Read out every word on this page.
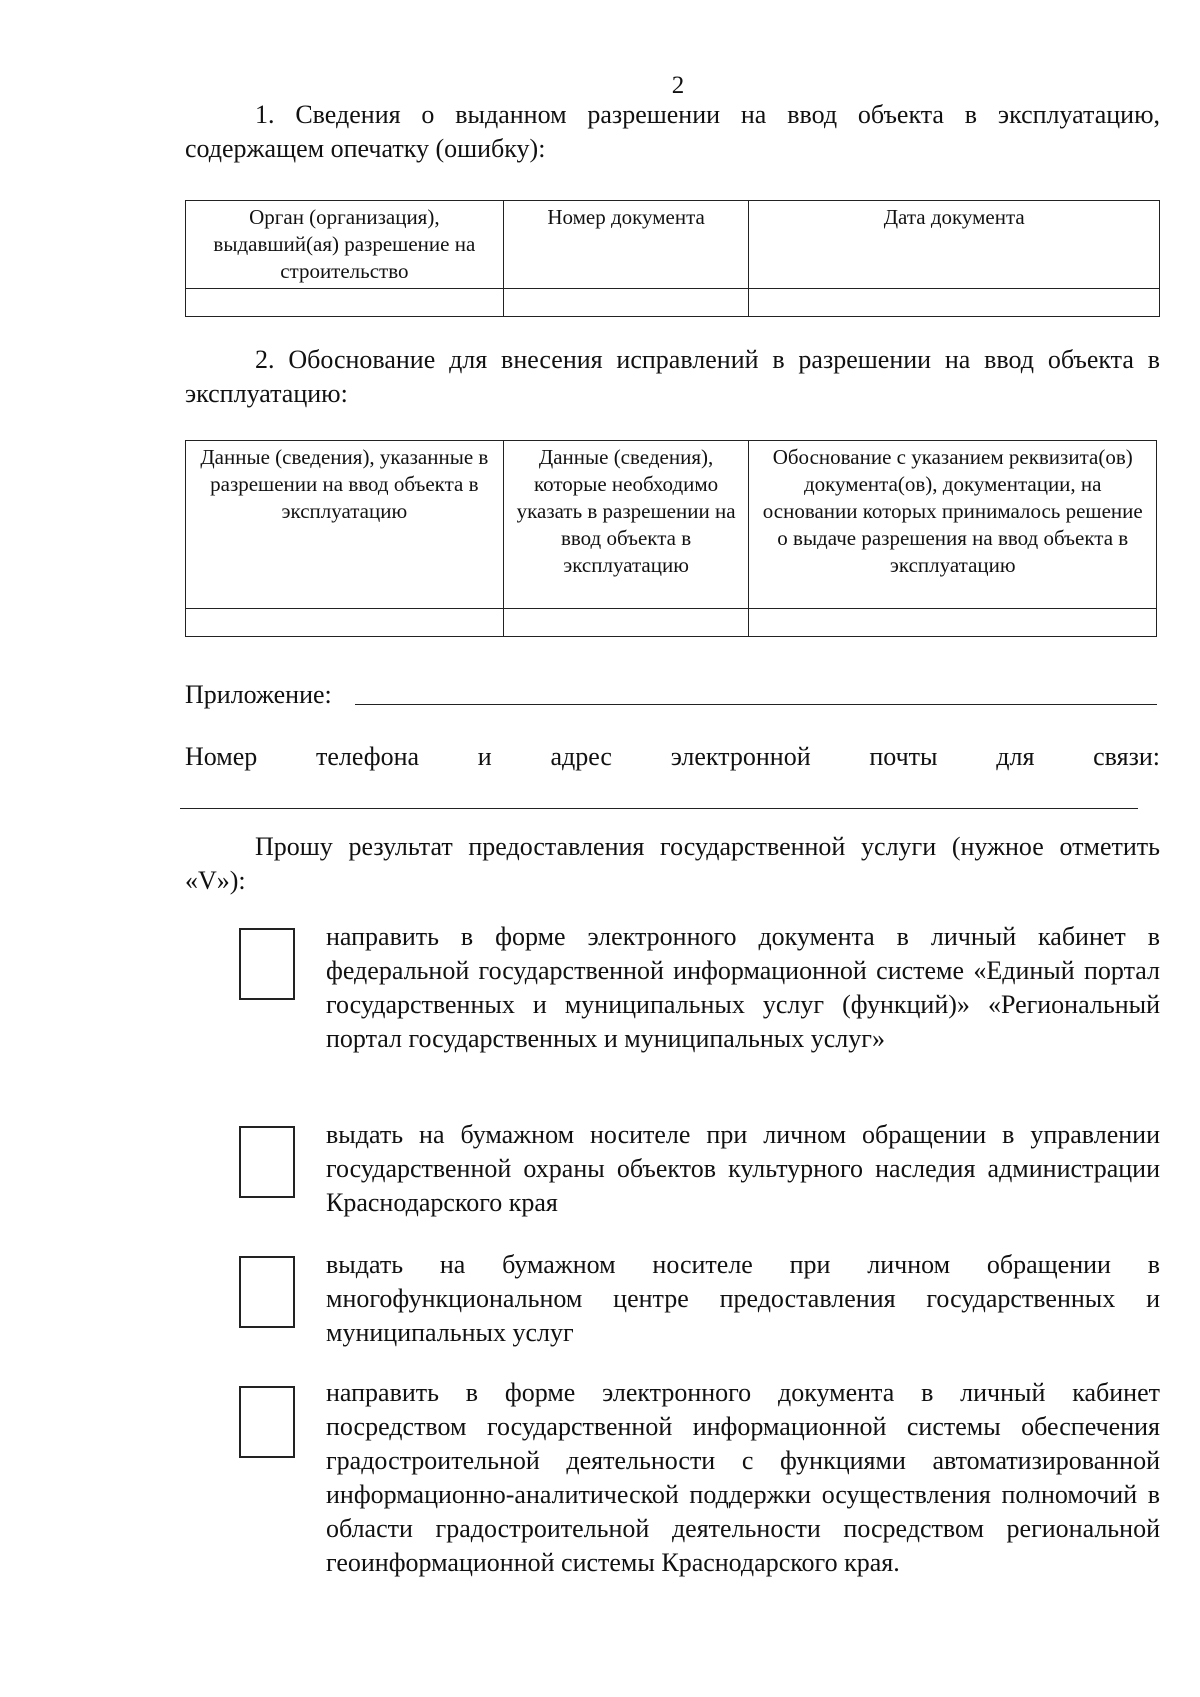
2
1. Сведения о выданном разрешении на ввод объекта в эксплуатацию, содержащем опечатку (ошибку):
Орган (организация), выдавший(ая) разрешение на строительство	Номер документа	Дата документа

2. Обоснование для внесения исправлений в разрешении на ввод объекта в эксплуатацию:
Данные (сведения), указанные в разрешении на ввод объекта в эксплуатацию	Данные (сведения), которые необходимо указать в разрешении на ввод объекта в эксплуатацию	Обоснование с указанием реквизита(ов) документа(ов), документации, на основании которых принималось решение о выдаче разрешения на ввод объекта в эксплуатацию

Приложение:
Номер телефона и адрес электронной почты для связи:
Прошу результат предоставления государственной услуги (нужное отметить «V»):
направить в форме электронного документа в личный кабинет в федеральной государственной информационной системе «Единый портал государственных и муниципальных услуг (функций)» «Региональный портал государственных и муниципальных услуг»
выдать на бумажном носителе при личном обращении в управлении государственной охраны объектов культурного наследия администрации Краснодарского края
выдать на бумажном носителе при личном обращении в многофункциональном центре предоставления государственных и муниципальных услуг
направить в форме электронного документа в личный кабинет посредством государственной информационной системы обеспечения градостроительной деятельности с функциями автоматизированной информационно-аналитической поддержки осуществления полномочий в области градостроительной деятельности посредством региональной геоинформационной системы Краснодарского края.
